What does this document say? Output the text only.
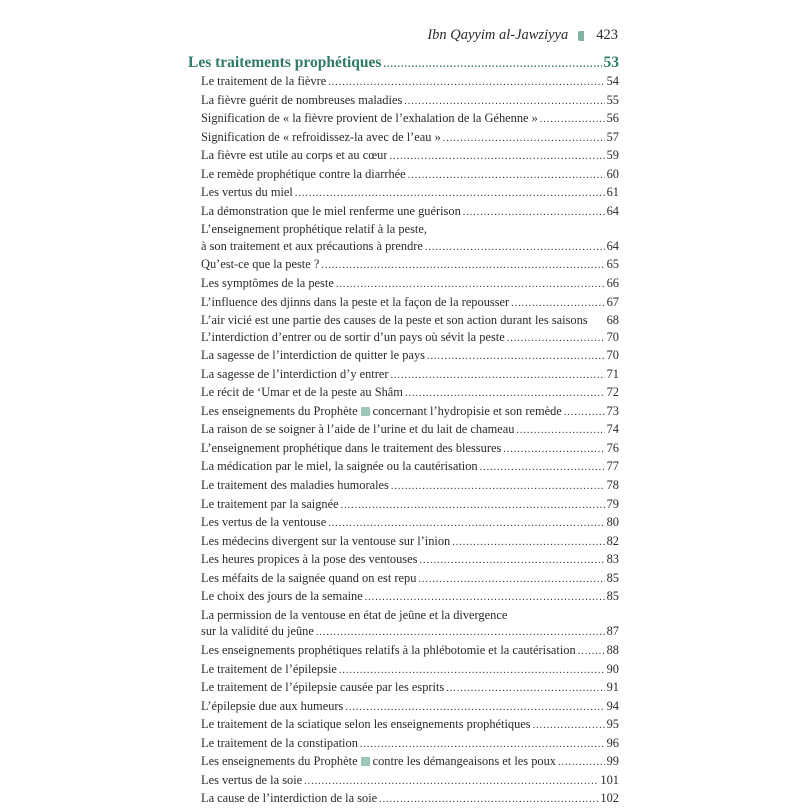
Ibn Qayyim al-Jawziyya 423
Les traitements prophétiques .....	53
Le traitement de la fièvre .....	54
La fièvre guérit de nombreuses maladies .....	55
Signification de « la fièvre provient de l’exhalation de la Géhenne » .....	56
Signification de « refroidissez-la avec de l’eau » .....	57
La fièvre est utile au corps et au cœur .....	59
Le remède prophétique contre la diarrhée .....	60
Les vertus du miel .....	61
La démonstration que le miel renferme une guérison .....	64
L’enseignement prophétique relatif à la peste,
à son traitement et aux précautions à prendre .....	64
Qu’est-ce que la peste ? .....	65
Les symptômes de la peste .....	66
L’influence des djinns dans la peste et la façon de la repousser .....	67
L’air vicié est une partie des causes de la peste et son action durant les saisons 68
L’interdiction d’entrer ou de sortir d’un pays où sévit la peste .....	70
La sagesse de l’interdiction de quitter le pays .....	70
La sagesse de l’interdiction d’y entrer .....	71
Le récit de ‘Umar et de la peste au Shâm .....	72
Les enseignements du Prophète concernant l’hydropisie et son remède .....	73
La raison de se soigner à l’aide de l’urine et du lait de chameau .....	74
L’enseignement prophétique dans le traitement des blessures .....	76
La médication par le miel, la saignée ou la cautérisation .....	77
Le traitement des maladies humorales .....	78
Le traitement par la saignée .....	79
Les vertus de la ventouse .....	80
Les médecins divergent sur la ventouse sur l’inion .....	82
Les heures propices à la pose des ventouses .....	83
Les méfaits de la saignée quand on est repu .....	85
Le choix des jours de la semaine .....	85
La permission de la ventouse en état de jeûne et la divergence
sur la validité du jeûne .....	87
Les enseignements prophétiques relatifs à la phlébotomie et la cautérisation ..... 88
Le traitement de l’épilepsie .....	90
Le traitement de l’épilepsie causée par les esprits .....	91
L’épilepsie due aux humeurs .....	94
Le traitement de la sciatique selon les enseignements prophétiques .....	95
Le traitement de la constipation .....	96
Les enseignements du Prophète contre les démangeaisons et les poux .....	99
Les vertus de la soie .....	101
La cause de l’interdiction de la soie .....	102
